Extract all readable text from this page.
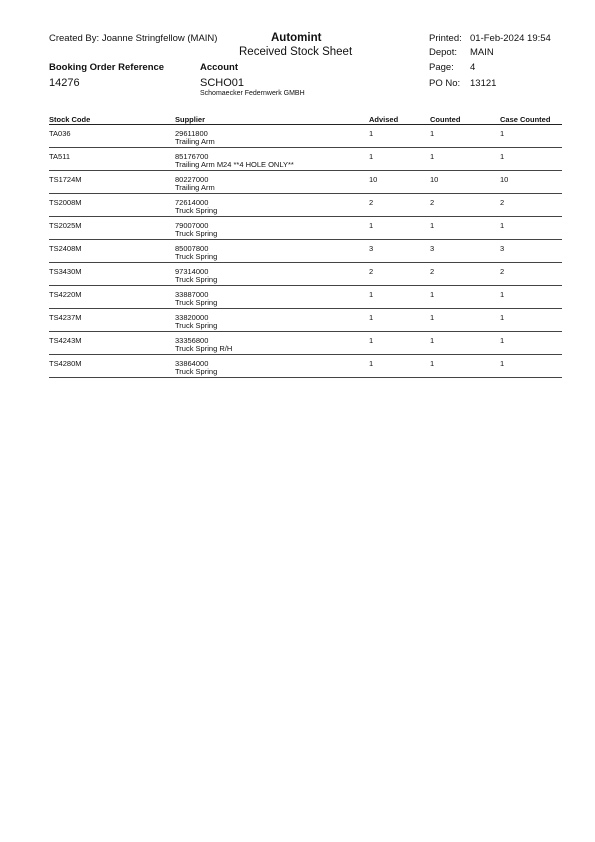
Created By: Joanne Stringfellow (MAIN)
Booking Order Reference
14276
Automint
Received Stock Sheet
Account
SCHO01
Schomaecker Federnwerk GMBH
Printed: 01-Feb-2024 19:54
Depot: MAIN
Page: 4
PO No: 13121
Stock Code	Supplier	Advised	Counted	Case Counted
TA036	29611800
Trailing Arm
1	1	1
TA511	85176700
Trailing Arm M24 **4 HOLE ONLY**
1	1	1
TS1724M	80227000
Trailing Arm
10	10	10
TS2008M	72614000
Truck Spring
2	2	2
TS2025M	79007000
Truck Spring
1	1	1
TS2408M	85007800
Truck Spring
3	3	3
TS3430M	97314000
Truck Spring
2	2	2
TS4220M	33887000
Truck Spring
1	1	1
TS4237M	33820000
Truck Spring
1	1	1
TS4243M	33356800
Truck Spring R/H
1	1	1
TS4280M	33864000
Truck Spring
1	1	1
